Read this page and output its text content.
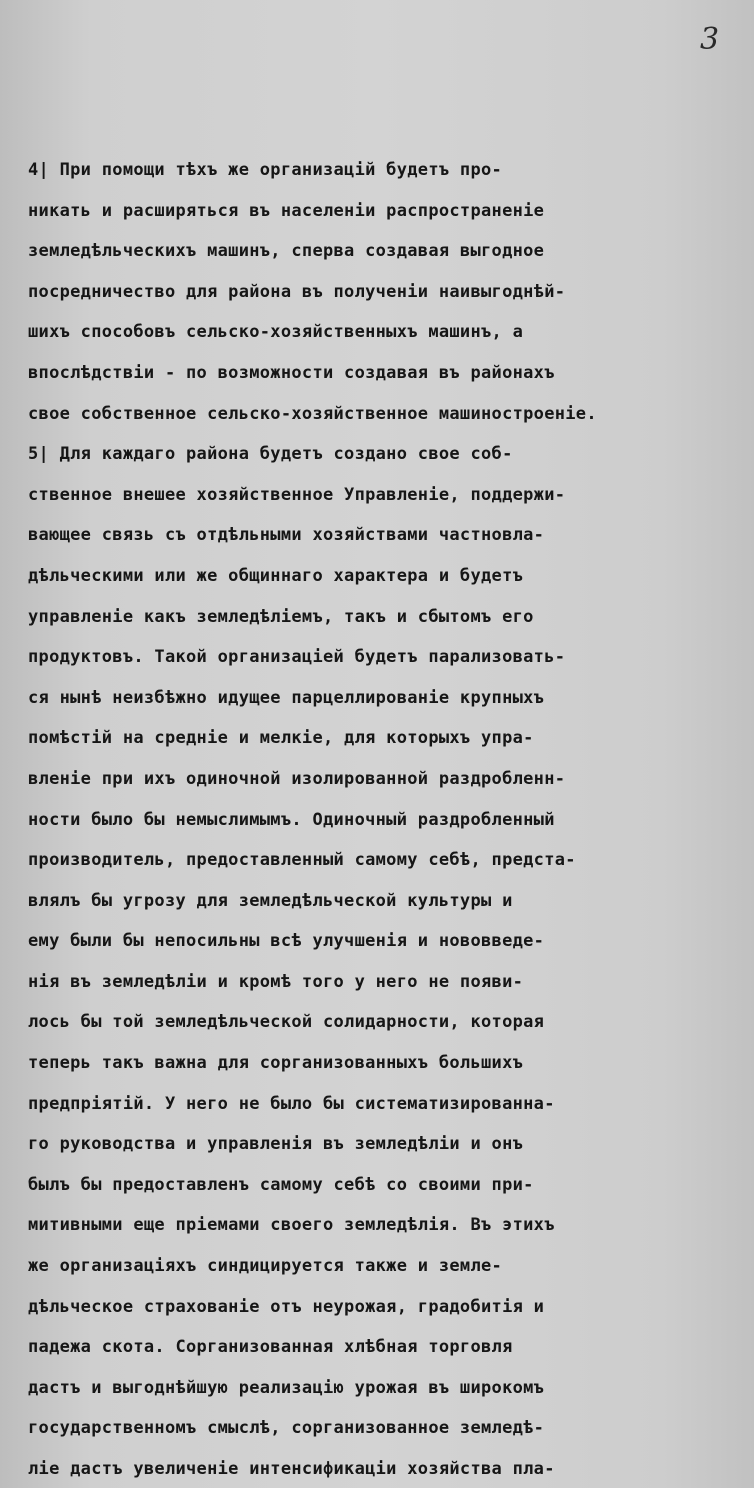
3
4| При помощи тѣхъ же организацій будетъ про-
никать и расширяться въ населеніи распространеніе
земледѣльческихъ машинъ, сперва создавая выгодное
посредничество для района въ полученіи наивыгоднѣй-
шихъ способовъ сельско-хозяйственныхъ машинъ, а
впослѣдствіи - по возможности создавая въ районахъ
свое собственное сельско-хозяйственное машиностроеніе.
5| Для каждаго района будетъ создано свое соб-
ственное внешее хозяйственное Управленіе, поддержи-
вающее связь съ отдѣльными хозяйствами частновла-
дѣльческими или же общиннаго характера и будетъ
управленіе какъ земледѣліемъ, такъ и сбытомъ его
продуктовъ. Такой организаціей будетъ парализовать-
ся нынѣ неизбѣжно идущее парцеллированіе крупныхъ
помѣстій на средніе и мелкіе, для которыхъ упра-
вленіе при ихъ одиночной изолированной раздробленн-
ности было бы немыслимымъ. Одиночный раздробленный
производитель, предоставленный самому себѣ, предста-
влялъ бы угрозу для земледѣльческой культуры и
ему были бы непосильны всѣ улучшенія и нововведе-
нія въ земледѣліи и кромѣ того у него не появи-
лось бы той земледѣльческой солидарности, которая
теперь такъ важна для сорганизованныхъ большихъ
предпріятій. У него не было бы систематизированна-
го руководства и управленія въ земледѣліи и онъ
былъ бы предоставленъ самому себѣ со своими при-
митивными еще пріемами своего земледѣлія. Въ этихъ
же организаціяхъ синдицируется также и земле-
дѣльческое страхованіе отъ неурожая, градобитія и
падежа скота. Сорганизованная хлѣбная торговля
дастъ и выгоднѣйшую реализацію урожая въ широкомъ
государственномъ смыслѣ, сорганизованное земледѣ-
ліе дастъ увеличеніе интенсификаціи хозяйства пла-
